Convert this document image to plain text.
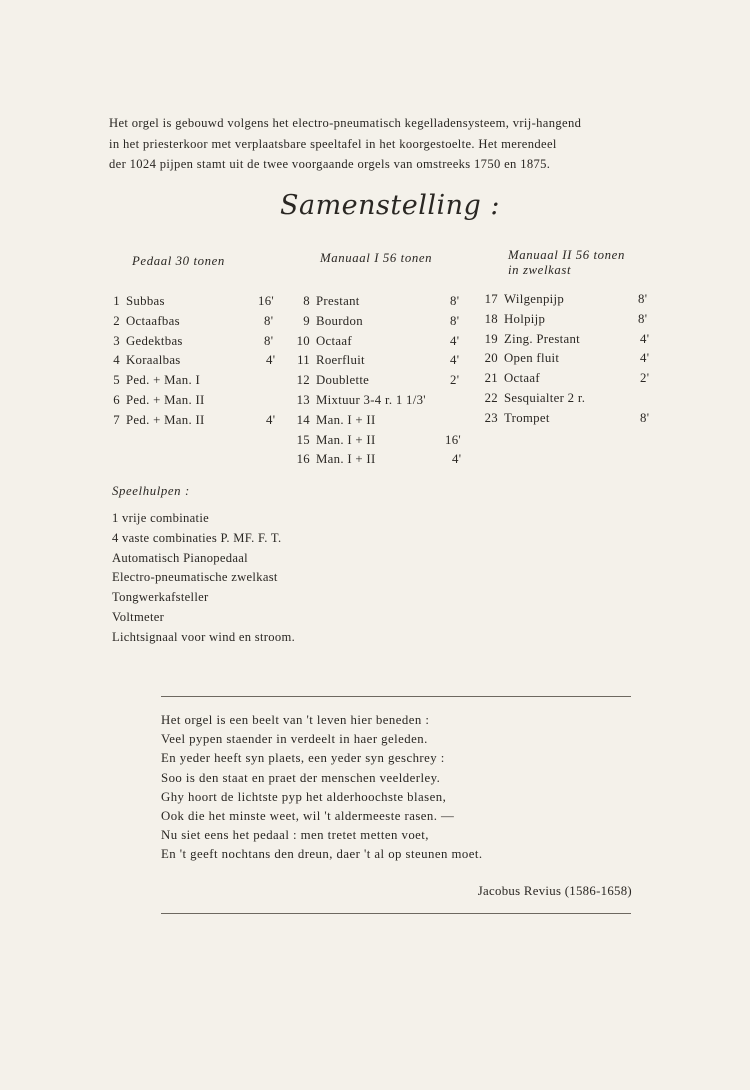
Het orgel is gebouwd volgens het electro-pneumatisch kegelladensysteem, vrij-hangend
in het priesterkoor met verplaatsbare speeltafel in het koorgestoelte. Het merendeel
der 1024 pijpen stamt uit de twee voorgaande orgels van omstreeks 1750 en 1875.
Samenstelling :
Pedaal 30 tonen
1 Subbas	16'
2 Octaafbas	8'
3 Gedektbas	8'
4 Koraalbas	4'
5 Ped. + Man. I
6 Ped. + Man. II
7 Ped. + Man. II	4'
Manuaal I 56 tonen
8 Prestant	8'
9 Bourdon	8'
10 Octaaf	4'
11 Roerfluit	4'
12 Doublette	2'
13 Mixtuur 3-4 r. 1 1/3'
14 Man. I + II
15 Man. I + II	16'
16 Man. I + II	4'
Manuaal II 56 tonen
in zwelkast
17 Wilgenpijp	8'
18 Holpijp	8'
19 Zing. Prestant	4'
20 Open fluit	4'
21 Octaaf	2'
22 Sesquialter 2 r.
23 Trompet	8'
Speelhulpen :
1 vrije combinatie
4 vaste combinaties P. MF. F. T.
Automatisch Pianopedaal
Electro-pneumatische zwelkast
Tongwerkafsteller
Voltmeter
Lichtsignaal voor wind en stroom.
Het orgel is een beelt van 't leven hier beneden :
Veel pypen staender in verdeelt in haer geleden.
En yeder heeft syn plaets, een yeder syn geschrey :
Soo is den staat en praet der menschen veelderley.
Ghy hoort de lichtste pyp het alderhoochste blasen,
Ook die het minste weet, wil 't aldermeeste rasen. —
Nu siet eens het pedaal : men tretet metten voet,
En 't geeft nochtans den dreun, daer 't al op steunen moet.
Jacobus Revius (1586-1658)
